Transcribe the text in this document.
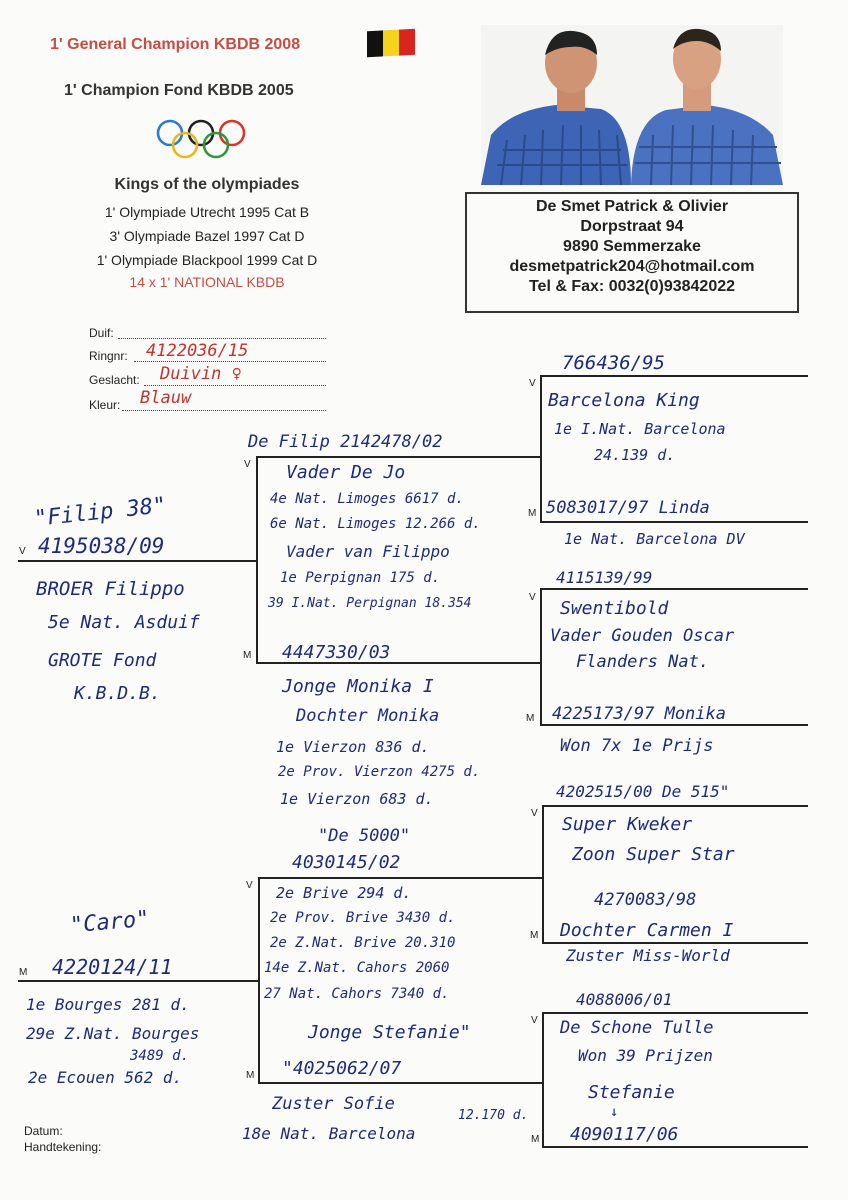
1' General Champion KBDB 2008
1' Champion Fond KBDB 2005
Kings of the olympiades
1' Olympiade Utrecht 1995 Cat B
3' Olympiade Bazel 1997 Cat D
1' Olympiade Blackpool 1999 Cat D
14 x 1' NATIONAL KBDB
De Smet Patrick & Olivier
Dorpstraat 94
9890 Semmerzake
desmetpatrick204@hotmail.com
Tel & Fax: 0032(0)93842022
Duif:
Ringnr: 4122036/15
Geslacht: Duivin ♀
Kleur: Blauw
V
V
M
V
M
V
M
M
V
M
V
M
V
M
"Filip 38"
4195038/09
BROER Filippo
5e Nat. Asduif
GROTE Fond
K.B.D.B.
"Caro"
4220124/11
1e Bourges 281 d.
29e Z.Nat. Bourges
3489 d.
2e Ecouen 562 d.
De Filip 2142478/02
Vader De Jo
4e Nat. Limoges 6617 d.
6e Nat. Limoges 12.266 d.
Vader van Filippo
1e Perpignan 175 d.
39 I.Nat. Perpignan 18.354
4447330/03
Jonge Monika I
Dochter Monika
1e Vierzon 836 d.
2e Prov. Vierzon 4275 d.
1e Vierzon 683 d.
"De 5000"
4030145/02
2e Brive 294 d.
2e Prov. Brive 3430 d.
2e Z.Nat. Brive 20.310
14e Z.Nat. Cahors 2060
27 Nat. Cahors 7340 d.
Jonge Stefanie"
"4025062/07
Zuster Sofie
12.170 d.
18e Nat. Barcelona
766436/95
Barcelona King
1e I.Nat. Barcelona
24.139 d.
5083017/97 Linda
1e Nat. Barcelona DV
4115139/99
Swentibold
Vader Gouden Oscar
Flanders Nat.
4225173/97 Monika
Won 7x 1e Prijs
4202515/00 De 515"
Super Kweker
Zoon Super Star
4270083/98
Dochter Carmen I
Zuster Miss-World
4088006/01
De Schone Tulle
Won 39 Prijzen
Stefanie
↓
4090117/06
Datum:
Handtekening:
